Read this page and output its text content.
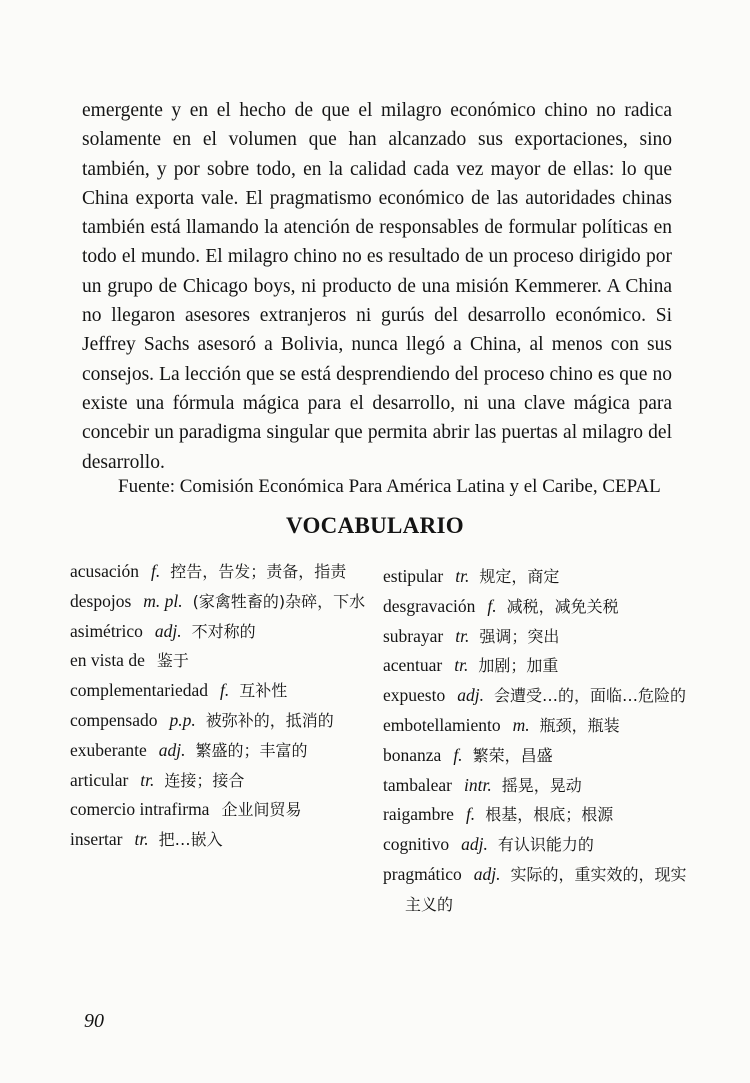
emergente y en el hecho de que el milagro económico chino no radica solamente en el volumen que han alcanzado sus exportaciones, sino también, y por sobre todo, en la calidad cada vez mayor de ellas: lo que China exporta vale. El pragmatismo económico de las autoridades chinas también está llamando la atención de responsables de formular políticas en todo el mundo. El milagro chino no es resultado de un proceso dirigido por un grupo de Chicago boys, ni producto de una misión Kemmerer. A China no llegaron asesores extranjeros ni gurús del desarrollo económico. Si Jeffrey Sachs asesoró a Bolivia, nunca llegó a China, al menos con sus consejos. La lección que se está desprendiendo del proceso chino es que no existe una fórmula mágica para el desarrollo, ni una clave mágica para concebir un paradigma singular que permita abrir las puertas al milagro del desarrollo.

Fuente: Comisión Económica Para América Latina y el Caribe, CEPAL

VOCABULARIO

acusación f. 控告，告发；责备，指责

despojos m. pl. (家禽牲畜的)杂碎，下水

asimétrico adj. 不对称的

en vista de 鉴于

complementariedad f. 互补性

compensado p.p. 被弥补的，抵消的

exuberante adj. 繁盛的；丰富的

articular tr. 连接；接合

comercio intrafirma 企业间贸易

insertar tr. 把…嵌入

estipular tr. 规定，商定

desgravación f. 减税，减免关税

subrayar tr. 强调；突出

acentuar tr. 加剧；加重

expuesto adj. 会遭受…的，面临…危险的

embotellamiento m. 瓶颈，瓶装

bonanza f. 繁荣，昌盛

tambalear intr. 摇晃，晃动

raigambre f. 根基，根底；根源

cognitivo adj. 有认识能力的

pragmático adj. 实际的，重实效的，现实主义的

90
